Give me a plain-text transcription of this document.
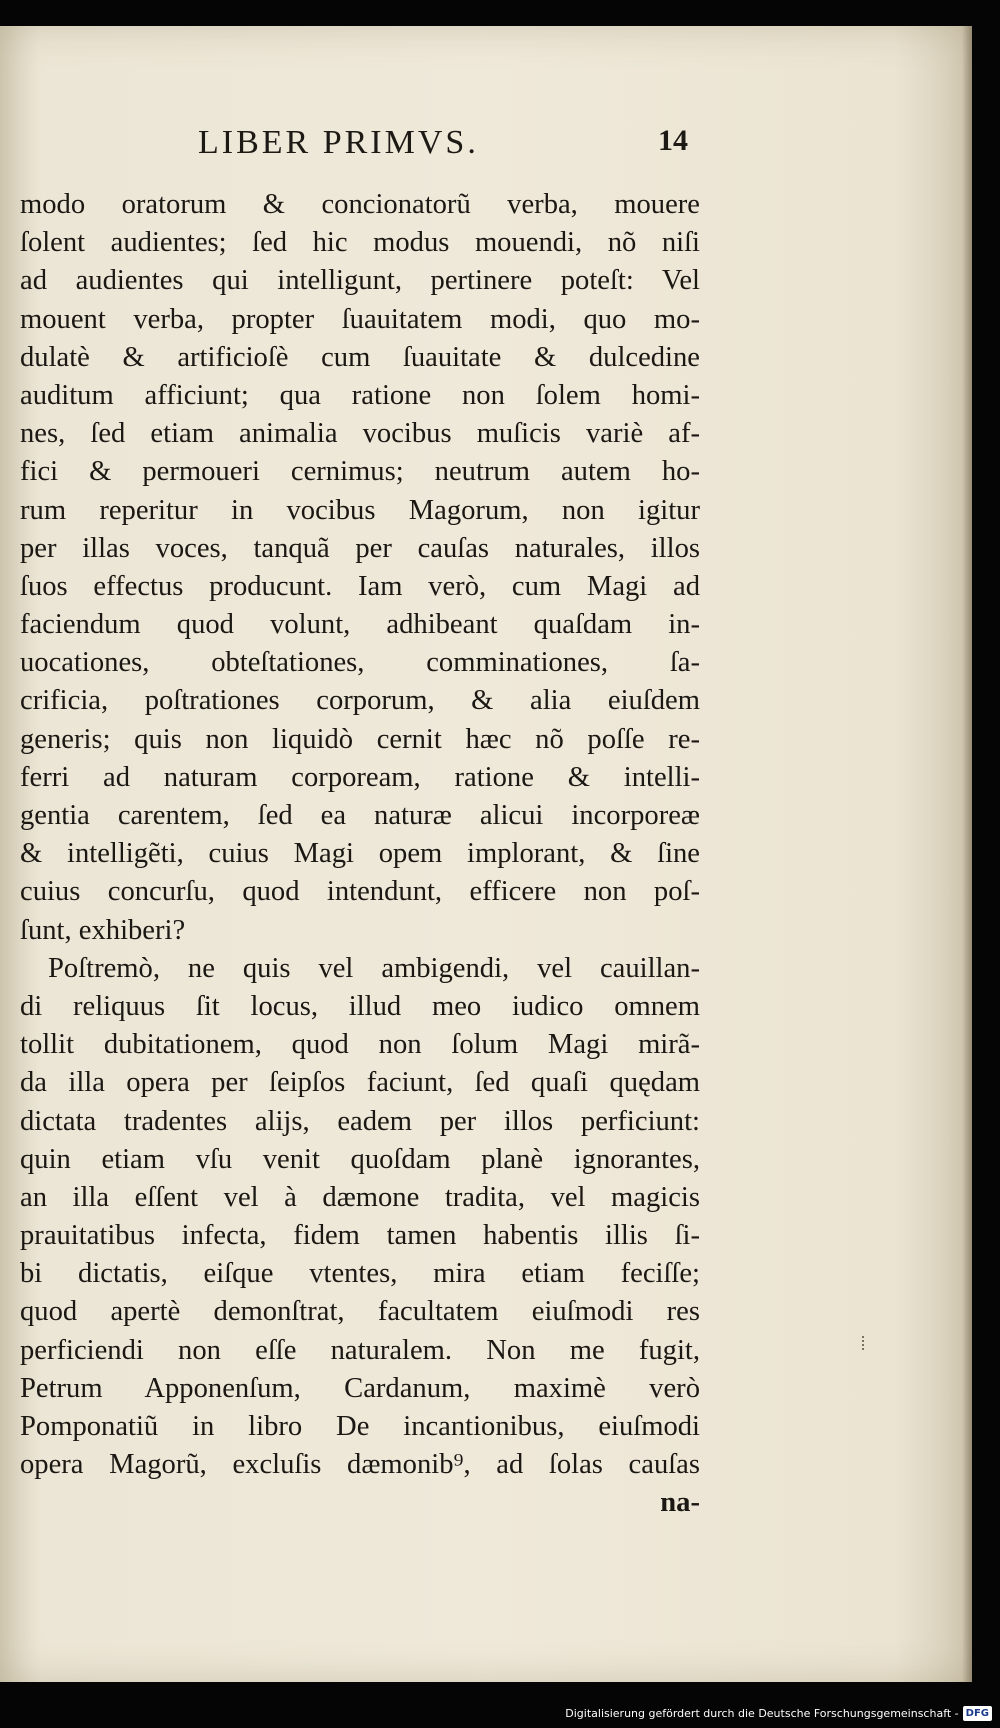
LIBER PRIMVS.	14
modo oratorum & concionatorũ verba, mouere
ſolent audientes; ſed hic modus mouendi, nõ niſi
ad audientes qui intelligunt, pertinere poteſt: Vel
mouent verba, propter ſuauitatem modi, quo mo-
dulatè & artificioſè cum ſuauitate & dulcedine
auditum afficiunt; qua ratione non ſolem homi-
nes, ſed etiam animalia vocibus muſicis variè af-
fici & permoueri cernimus; neutrum autem ho-
rum reperitur in vocibus Magorum, non igitur
per illas voces, tanquã per cauſas naturales, illos
ſuos effectus producunt. Iam verò, cum Magi ad
faciendum quod volunt, adhibeant quaſdam in-
uocationes, obteſtationes, comminationes, ſa-
crificia, poſtrationes corporum, & alia eiuſdem
generis; quis non liquidò cernit hæc nõ poſſe re-
ferri ad naturam corpoream, ratione & intelli-
gentia carentem, ſed ea naturæ alicui incorporeæ
& intelligẽti, cuius Magi opem implorant, & ſine
cuius concurſu, quod intendunt, efficere non poſ-
ſunt, exhiberi?
Poſtremò, ne quis vel ambigendi, vel cauillan-
di reliquus ſit locus, illud meo iudico omnem
tollit dubitationem, quod non ſolum Magi mirã-
da illa opera per ſeipſos faciunt, ſed quaſi quędam
dictata tradentes alijs, eadem per illos perficiunt:
quin etiam vſu venit quoſdam planè ignorantes,
an illa eſſent vel à dæmone tradita, vel magicis
prauitatibus infecta, fidem tamen habentis illis ſi-
bi dictatis, eiſque vtentes, mira etiam feciſſe;
quod apertè demonſtrat, facultatem eiuſmodi res
perficiendi non eſſe naturalem. Non me fugit,
Petrum Apponenſum, Cardanum, maximè verò
Pomponatiũ in libro De incantionibus, eiuſmodi
opera Magorũ, excluſis dæmonib⁹, ad ſolas cauſas
na-
Digitalisierung gefördert durch die Deutsche Forschungsgemeinschaft - DFG
